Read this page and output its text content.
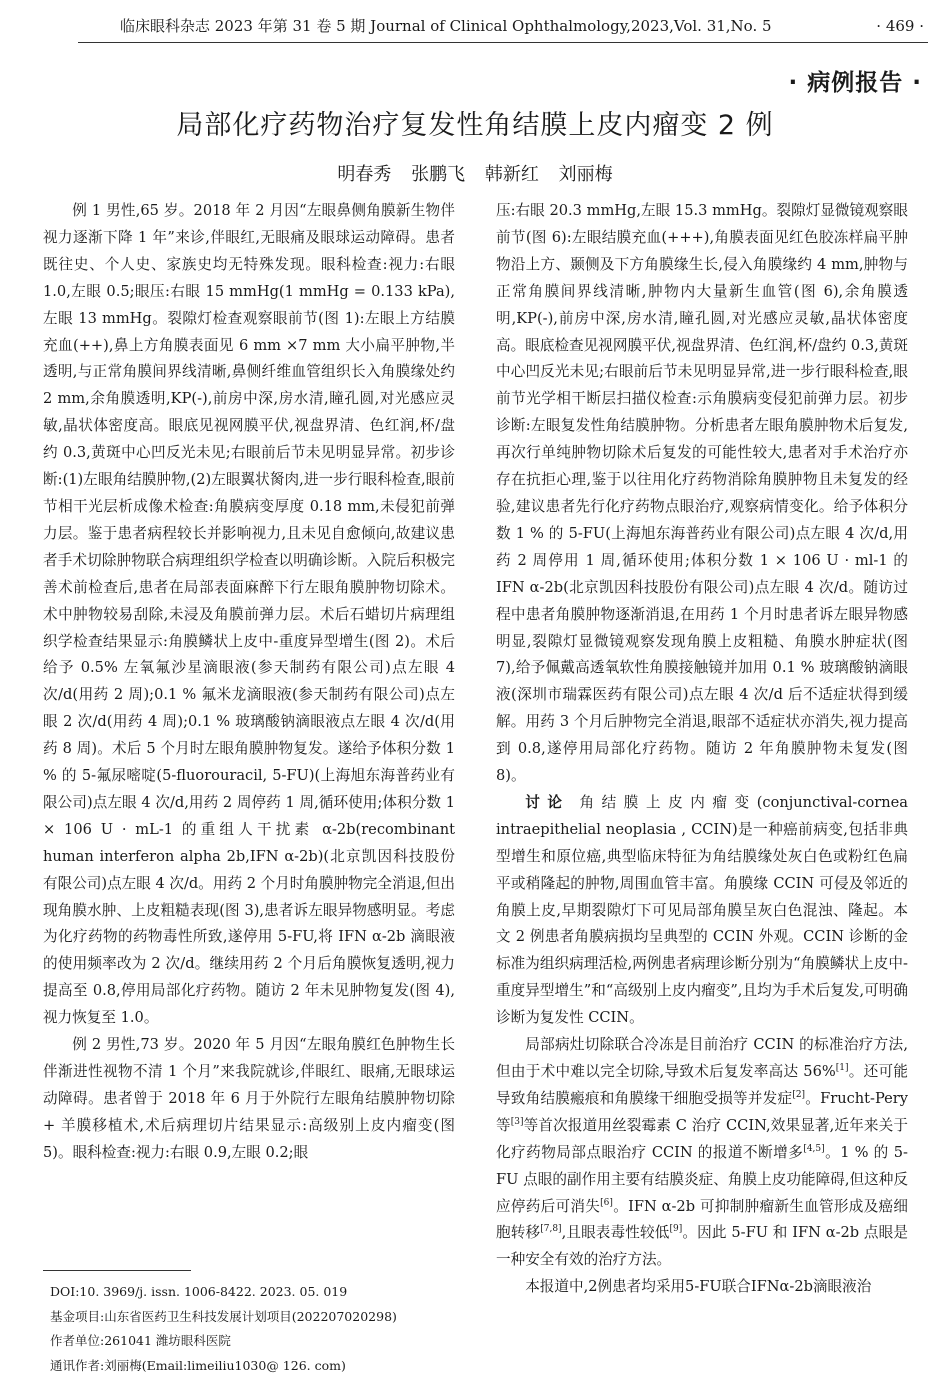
临床眼科杂志 2023 年第 31 卷 5 期 Journal of Clinical Ophthalmology,2023,Vol. 31,No. 5	· 469 ·
· 病例报告 ·
局部化疗药物治疗复发性角结膜上皮内瘤变 2 例
明春秀 张鹏飞 韩新红 刘丽梅

例 1 男性,65 岁。2018 年 2 月因“左眼鼻侧角膜新生物伴视力逐渐下降 1 年”来诊,伴眼红,无眼痛及眼球运动障碍。患者既往史、个人史、家族史均无特殊发现。眼科检查:视力:右眼 1.0,左眼 0.5;眼压:右眼 15 mmHg(1 mmHg = 0.133 kPa),左眼 13 mmHg。裂隙灯检查观察眼前节(图 1):左眼上方结膜充血(++),鼻上方角膜表面见 6 mm ×7 mm 大小扁平肿物,半透明,与正常角膜间界线清晰,鼻侧纤维血管组织长入角膜缘处约 2 mm,余角膜透明,KP(-),前房中深,房水清,瞳孔圆,对光感应灵敏,晶状体密度高。眼底见视网膜平伏,视盘界清、色红润,杯/盘约 0.3,黄斑中心凹反光未见;右眼前后节未见明显异常。初步诊断:(1)左眼角结膜肿物,(2)左眼翼状胬肉,进一步行眼科检查,眼前节相干光层析成像术检查:角膜病变厚度 0.18 mm,未侵犯前弹力层。鉴于患者病程较长并影响视力,且未见自愈倾向,故建议患者手术切除肿物联合病理组织学检查以明确诊断。入院后积极完善术前检查后,患者在局部表面麻醉下行左眼角膜肿物切除术。术中肿物较易刮除,未浸及角膜前弹力层。术后石蜡切片病理组织学检查结果显示:角膜鳞状上皮中-重度异型增生(图 2)。术后给予 0.5% 左氧氟沙星滴眼液(参天制药有限公司)点左眼 4 次/d(用药 2 周);0.1 % 氟米龙滴眼液(参天制药有限公司)点左眼 2 次/d(用药 4 周);0.1 % 玻璃酸钠滴眼液点左眼 4 次/d(用药 8 周)。术后 5 个月时左眼角膜肿物复发。遂给予体积分数 1 % 的 5-氟尿嘧啶(5-fluorouracil, 5-FU)(上海旭东海普药业有限公司)点左眼 4 次/d,用药 2 周停药 1 周,循环使用;体积分数 1 × 106 U · mL-1 的重组人干扰素 α-2b(recombinant human interferon alpha 2b,IFN α-2b)(北京凯因科技股份有限公司)点左眼 4 次/d。用药 2 个月时角膜肿物完全消退,但出现角膜水肿、上皮粗糙表现(图 3),患者诉左眼异物感明显。考虑为化疗药物的药物毒性所致,遂停用 5-FU,将 IFN α-2b 滴眼液的使用频率改为 2 次/d。继续用药 2 个月后角膜恢复透明,视力提高至 0.8,停用局部化疗药物。随访 2 年未见肿物复发(图 4),视力恢复至 1.0。

例 2 男性,73 岁。2020 年 5 月因“左眼角膜红色肿物生长伴渐进性视物不清 1 个月”来我院就诊,伴眼红、眼痛,无眼球运动障碍。患者曾于 2018 年 6 月于外院行左眼角结膜肿物切除 + 羊膜移植术,术后病理切片结果显示:高级别上皮内瘤变(图 5)。眼科检查:视力:右眼 0.9,左眼 0.2;眼

压:右眼 20.3 mmHg,左眼 15.3 mmHg。裂隙灯显微镜观察眼前节(图 6):左眼结膜充血(+++),角膜表面见红色胶冻样扁平肿物沿上方、颞侧及下方角膜缘生长,侵入角膜缘约 4 mm,肿物与正常角膜间界线清晰,肿物内大量新生血管(图 6),余角膜透明,KP(-),前房中深,房水清,瞳孔圆,对光感应灵敏,晶状体密度高。眼底检查见视网膜平伏,视盘界清、色红润,杯/盘约 0.3,黄斑中心凹反光未见;右眼前后节未见明显异常,进一步行眼科检查,眼前节光学相干断层扫描仪检查:示角膜病变侵犯前弹力层。初步诊断:左眼复发性角结膜肿物。分析患者左眼角膜肿物术后复发,再次行单纯肿物切除术后复发的可能性较大,患者对手术治疗亦存在抗拒心理,鉴于以往用化疗药物消除角膜肿物且未复发的经验,建议患者先行化疗药物点眼治疗,观察病情变化。给予体积分数 1 % 的 5-FU(上海旭东海普药业有限公司)点左眼 4 次/d,用药 2 周停用 1 周,循环使用;体积分数 1 × 106 U · ml-1 的 IFN α-2b(北京凯因科技股份有限公司)点左眼 4 次/d。随访过程中患者角膜肿物逐渐消退,在用药 1 个月时患者诉左眼异物感明显,裂隙灯显微镜观察发现角膜上皮粗糙、角膜水肿症状(图 7),给予佩戴高透氧软性角膜接触镜并加用 0.1 % 玻璃酸钠滴眼液(深圳市瑞霖医药有限公司)点左眼 4 次/d 后不适症状得到缓解。用药 3 个月后肿物完全消退,眼部不适症状亦消失,视力提高到 0.8,遂停用局部化疗药物。随访 2 年角膜肿物未复发(图 8)。

讨论 角结膜上皮内瘤变(conjunctival-cornea intraepithelial neoplasia , CCIN)是一种癌前病变,包括非典型增生和原位癌,典型临床特征为角结膜缘处灰白色或粉红色扁平或稍隆起的肿物,周围血管丰富。角膜缘 CCIN 可侵及邻近的角膜上皮,早期裂隙灯下可见局部角膜呈灰白色混浊、隆起。本文 2 例患者角膜病损均呈典型的 CCIN 外观。CCIN 诊断的金标准为组织病理活检,两例患者病理诊断分别为“角膜鳞状上皮中-重度异型增生”和“高级别上皮内瘤变”,且均为手术后复发,可明确诊断为复发性 CCIN。

局部病灶切除联合冷冻是目前治疗 CCIN 的标准治疗方法,但由于术中难以完全切除,导致术后复发率高达 56%[1]。还可能导致角结膜瘢痕和角膜缘干细胞受损等并发症[2]。Frucht-Pery 等[3]等首次报道用丝裂霉素 C 治疗 CCIN,效果显著,近年来关于化疗药物局部点眼治疗 CCIN 的报道不断增多[4,5]。1 % 的 5-FU 点眼的副作用主要有结膜炎症、角膜上皮功能障碍,但这种反应停药后可消失[6]。IFN α-2b 可抑制肿瘤新生血管形成及癌细胞转移[7,8],且眼表毒性较低[9]。因此 5-FU 和 IFN α-2b 点眼是一种安全有效的治疗方法。

本报道中,2例患者均采用5-FU联合IFNα-2b滴眼液治

DOI:10. 3969/j. issn. 1006-8422. 2023. 05. 019
基金项目:山东省医药卫生科技发展计划项目(202207020298)
作者单位:261041 潍坊眼科医院
通讯作者:刘丽梅(Email:limeiliu1030@ 126. com)
